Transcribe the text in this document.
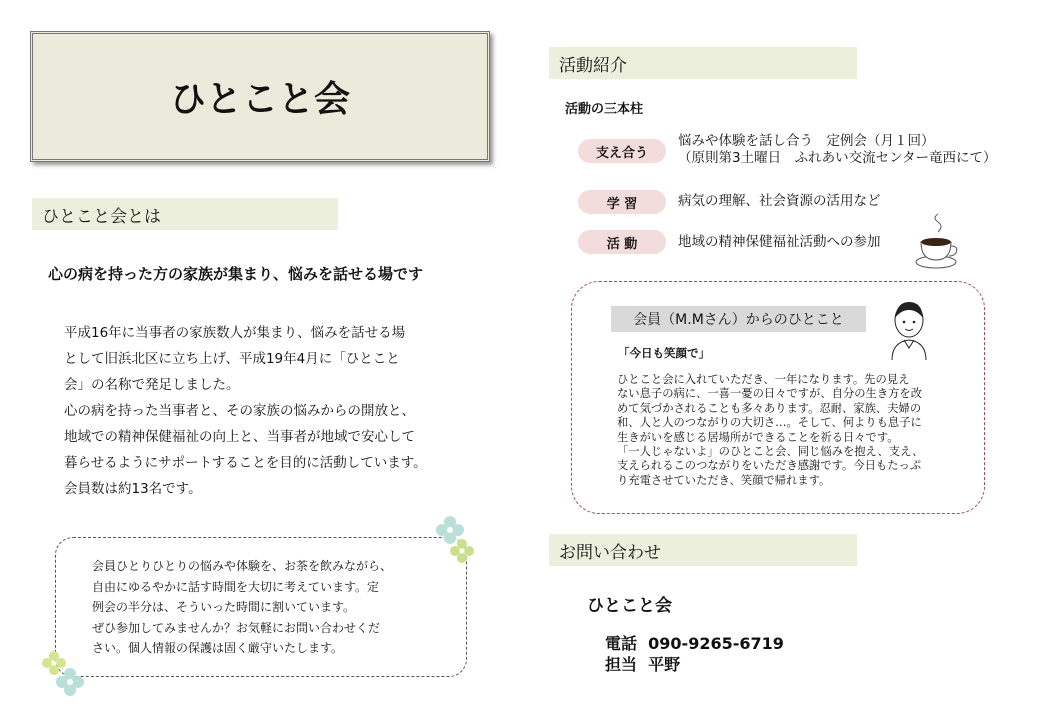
ひとこと会
ひとこと会とは
心の病を持った方の家族が集まり、悩みを話せる場です
平成16年に当事者の家族数人が集まり、悩みを話せる場
として旧浜北区に立ち上げ、平成19年4月に「ひとこと
会」の名称で発足しました。
心の病を持った当事者と、その家族の悩みからの開放と、
地域での精神保健福祉の向上と、当事者が地域で安心して
暮らせるようにサポートすることを目的に活動しています。
会員数は約13名です。
会員ひとりひとりの悩みや体験を、お茶を飲みながら、
自由にゆるやかに話す時間を大切に考えています。定
例会の半分は、そういった時間に割いています。
ぜひ参加してみませんか？お気軽にお問い合わせくだ
さい。個人情報の保護は固く厳守いたします。
活動紹介
活動の三本柱
支え合う
悩みや体験を話し合う　定例会（月１回）
（原則第3土曜日　ふれあい交流センター竜西にて）
学 習	病気の理解、社会資源の活用など
活 動	地域の精神保健福祉活動への参加
会員（M.Mさん）からのひとこと
「今日も笑顔で」
ひとこと会に入れていただき、一年になります。先の見え
ない息子の病に、一喜一憂の日々ですが、自分の生き方を改
めて気づかされることも多々あります。忍耐、家族、夫婦の
和、人と人のつながりの大切さ…。そして、何よりも息子に
生きがいを感じる居場所ができることを祈る日々です。
「一人じゃないよ」のひとこと会、同じ悩みを抱え、支え、
支えられるこのつながりをいただき感謝です。今日もたっぷ
り充電させていただき、笑顔で帰れます。
お問い合わせ
ひとこと会
電話 090-9265-6719
担当 平野
